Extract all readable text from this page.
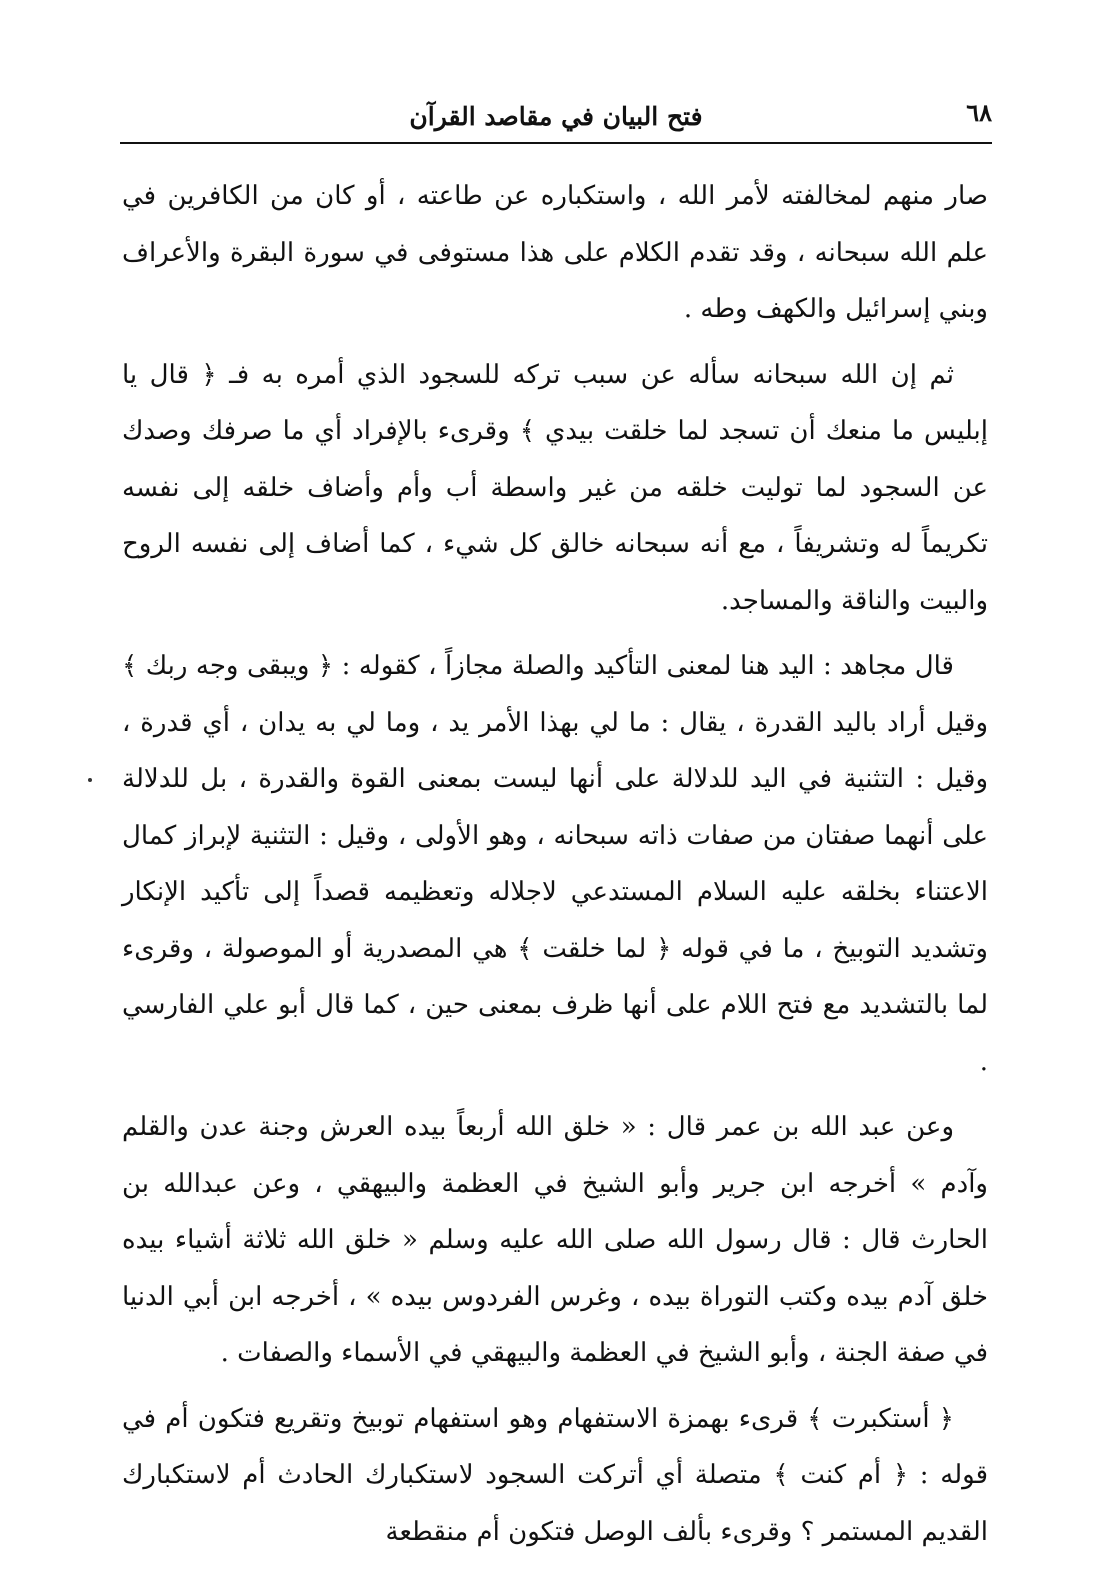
٦٨
فتح البيان في مقاصد القرآن

صار منهم لمخالفته لأمر الله ، واستكباره عن طاعته ، أو كان من الكافرين في علم الله سبحانه ، وقد تقدم الكلام على هذا مستوفى في سورة البقرة والأعراف وبني إسرائيل والكهف وطه .

ثم إن الله سبحانه سأله عن سبب تركه للسجود الذي أمره به فـ ﴿ قال يا إبليس ما منعك أن تسجد لما خلقت بيدي ﴾ وقرىء بالإفراد أي ما صرفك وصدك عن السجود لما توليت خلقه من غير واسطة أب وأم وأضاف خلقه إلى نفسه تكريماً له وتشريفاً ، مع أنه سبحانه خالق كل شيء ، كما أضاف إلى نفسه الروح والبيت والناقة والمساجد.

قال مجاهد : اليد هنا لمعنى التأكيد والصلة مجازاً ، كقوله : ﴿ ويبقى وجه ربك ﴾ وقيل أراد باليد القدرة ، يقال : ما لي بهذا الأمر يد ، وما لي به يدان ، أي قدرة ، وقيل : التثنية في اليد للدلالة على أنها ليست بمعنى القوة والقدرة ، بل للدلالة على أنهما صفتان من صفات ذاته سبحانه ، وهو الأولى ، وقيل : التثنية لإبراز كمال الاعتناء بخلقه عليه السلام المستدعي لاجلاله وتعظيمه قصداً إلى تأكيد الإنكار وتشديد التوبيخ ، ما في قوله ﴿ لما خلقت ﴾ هي المصدرية أو الموصولة ، وقرىء لما بالتشديد مع فتح اللام على أنها ظرف بمعنى حين ، كما قال أبو علي الفارسي .

وعن عبد الله بن عمر قال : « خلق الله أربعاً بيده العرش وجنة عدن والقلم وآدم » أخرجه ابن جرير وأبو الشيخ في العظمة والبيهقي ، وعن عبدالله بن الحارث قال : قال رسول الله صلى الله عليه وسلم « خلق الله ثلاثة أشياء بيده خلق آدم بيده وكتب التوراة بيده ، وغرس الفردوس بيده » ، أخرجه ابن أبي الدنيا في صفة الجنة ، وأبو الشيخ في العظمة والبيهقي في الأسماء والصفات .

﴿ أستكبرت ﴾ قرىء بهمزة الاستفهام وهو استفهام توبيخ وتقريع فتكون أم في قوله : ﴿ أم كنت ﴾ متصلة أي أتركت السجود لاستكبارك الحادث أم لاستكبارك القديم المستمر ؟ وقرىء بألف الوصل فتكون أم منقطعة
